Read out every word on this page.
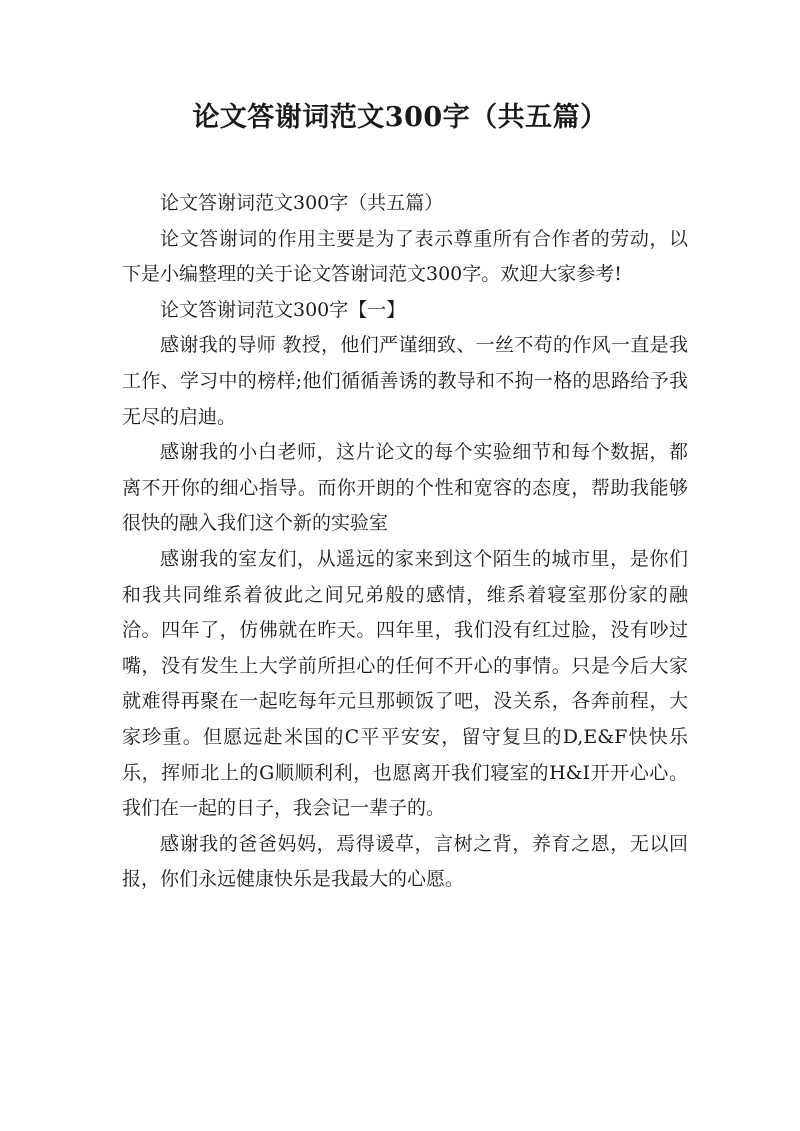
论文答谢词范文300字（共五篇）

论文答谢词范文300字（共五篇）

论文答谢词的作用主要是为了表示尊重所有合作者的劳动，以下是小编整理的关于论文答谢词范文300字。欢迎大家参考!

论文答谢词范文300字【一】

感谢我的导师 教授，他们严谨细致、一丝不苟的作风一直是我工作、学习中的榜样;他们循循善诱的教导和不拘一格的思路给予我无尽的启迪。

感谢我的小白老师，这片论文的每个实验细节和每个数据，都离不开你的细心指导。而你开朗的个性和宽容的态度，帮助我能够很快的融入我们这个新的实验室

感谢我的室友们，从遥远的家来到这个陌生的城市里，是你们和我共同维系着彼此之间兄弟般的感情，维系着寝室那份家的融洽。四年了，仿佛就在昨天。四年里，我们没有红过脸，没有吵过嘴，没有发生上大学前所担心的任何不开心的事情。只是今后大家就难得再聚在一起吃每年元旦那顿饭了吧，没关系，各奔前程，大家珍重。但愿远赴米国的C平平安安，留守复旦的D,E&F快快乐乐，挥师北上的G顺顺利利，也愿离开我们寝室的H&I开开心心。我们在一起的日子，我会记一辈子的。

感谢我的爸爸妈妈，焉得谖草，言树之背，养育之恩，无以回报，你们永远健康快乐是我最大的心愿。
